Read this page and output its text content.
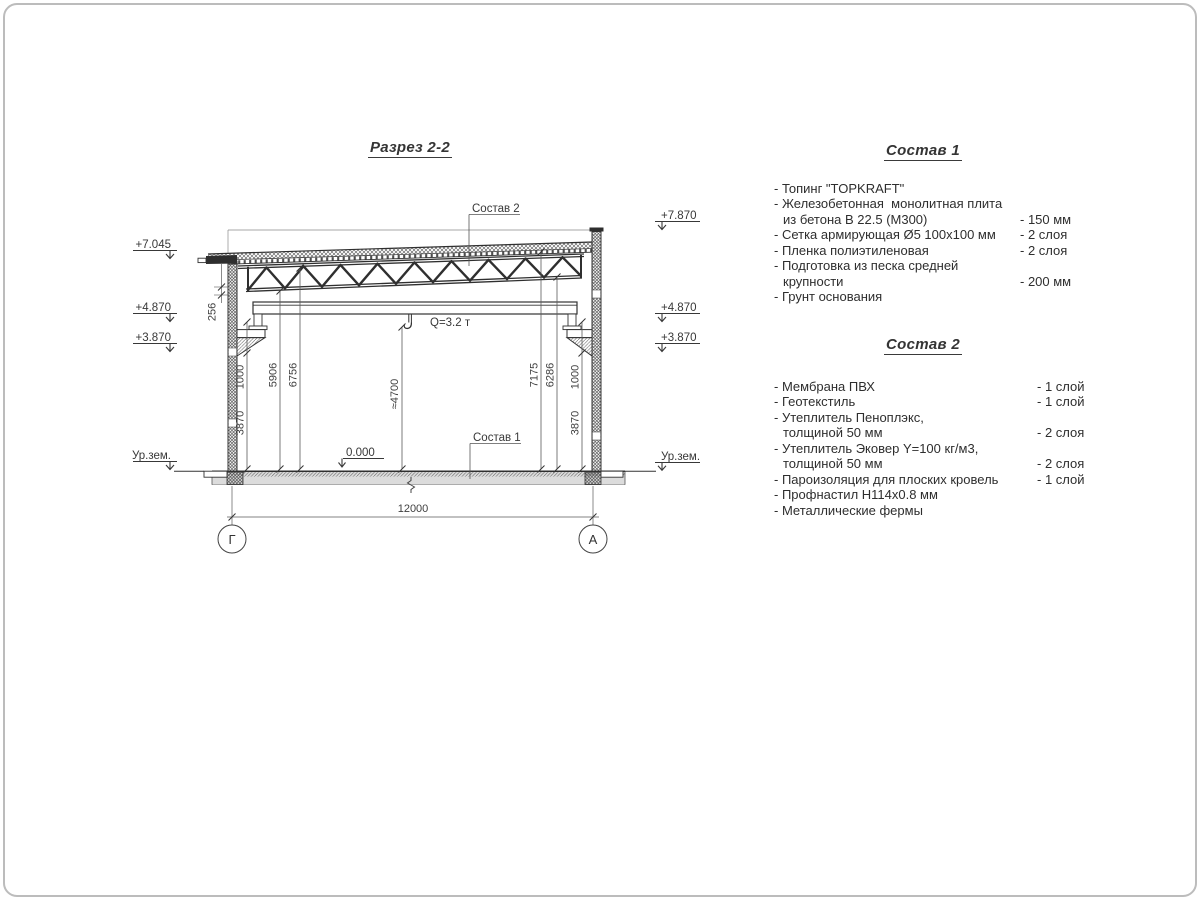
Разрез 2-2	Состав 1
- Топинг "TOPKRAFT"
- Железобетонная  монолитная плита
из бетона В 22.5 (М300)	- 150 мм
- Сетка армирующая Ø5 100х100 мм - 2 слоя
- Пленка полиэтиленовая	- 2 слоя
- Подготовка из песка средней
крупности	- 200 мм
- Грунт основания
Состав 2
- Мембрана ПВХ	- 1 слой
- Геотекстиль	- 1 слой
- Утеплитель Пеноплэкс,
толщиной 50 мм	- 2 слоя
- Утеплитель Эковер Y=100 кг/м3,
толщиной 50 мм	- 2 слоя
- Пароизоляция для плоских кровель	- 1 слой
- Профнастил Н114х0.8 мм
- Металлические фермы
Q=3.2 т
1000
3870
5906 6756
≈4700
7175 6286 1000
3870
256
12000
Г	А
+7.045
+4.870
+3.870
Ур.зем.
+7.870
+4.870
+3.870
Ур.зем.
0.000
Состав 2
Состав 1
